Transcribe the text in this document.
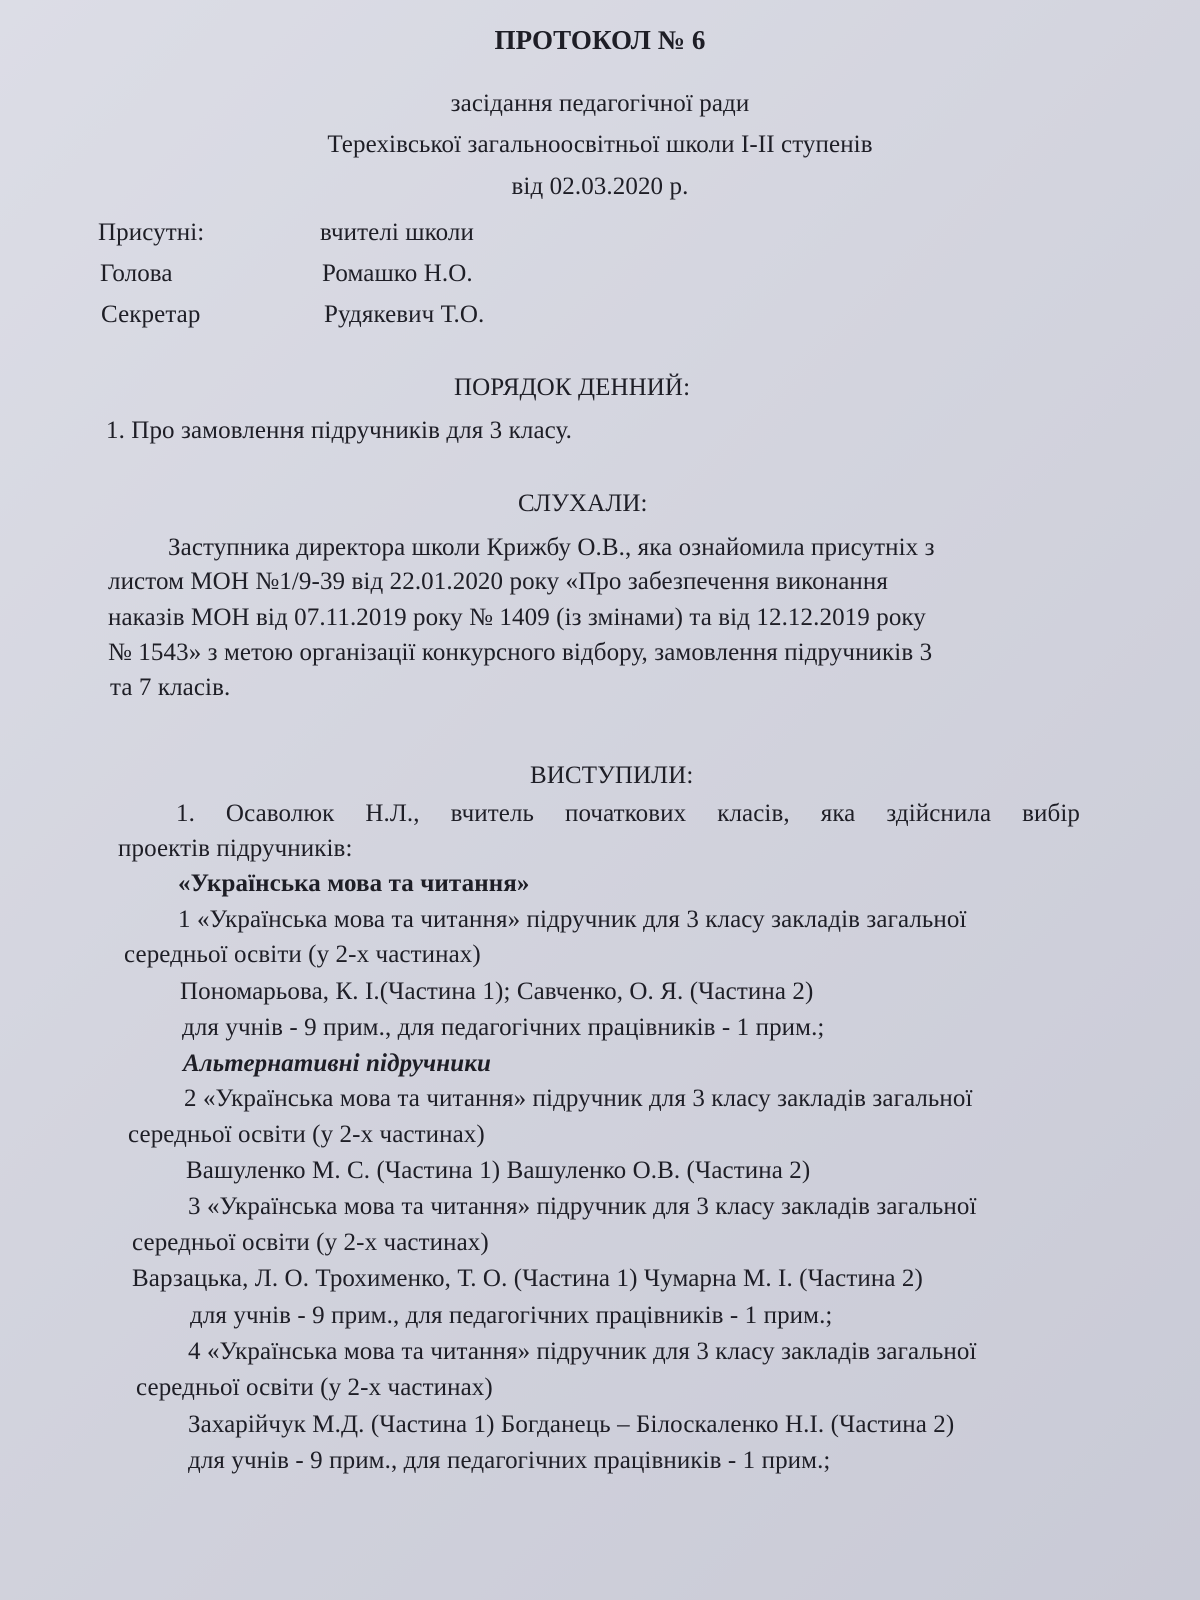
ПРОТОКОЛ № 6
засідання педагогічної ради
Терехівської загальноосвітньої школи І-ІІ ступенів
від 02.03.2020 р.
Присутні:	вчителі школи
Голова	Ромашко Н.О.
Секретар	Рудякевич Т.О.
ПОРЯДОК ДЕННИЙ:
1. Про замовлення підручників для 3 класу.
СЛУХАЛИ:
Заступника директора школи Крижбу О.В., яка ознайомила присутніх з
листом МОН №1/9-39 від 22.01.2020 року «Про забезпечення виконання
наказів МОН від 07.11.2019 року № 1409 (із змінами) та від 12.12.2019 року
№ 1543» з метою організації конкурсного відбору, замовлення підручників 3
та 7 класів.
ВИСТУПИЛИ:
1. Осаволюк Н.Л., вчитель початкових класів, яка здійснила вибір
проектів підручників:
«Українська мова та читання»
1 «Українська мова та читання» підручник для 3 класу закладів загальної
середньої освіти (у 2-х частинах)
Пономарьова, К. І.(Частина 1); Савченко, О. Я. (Частина 2)
для учнів - 9 прим., для педагогічних працівників - 1 прим.;
Альтернативні підручники
2 «Українська мова та читання» підручник для 3 класу закладів загальної
середньої освіти (у 2-х частинах)
Вашуленко М. С. (Частина 1) Вашуленко О.В. (Частина 2)
3 «Українська мова та читання» підручник для 3 класу закладів загальної
середньої освіти (у 2-х частинах)
Варзацька, Л. О. Трохименко, Т. О. (Частина 1) Чумарна М. І. (Частина 2)
для учнів - 9 прим., для педагогічних працівників - 1 прим.;
4 «Українська мова та читання» підручник для 3 класу закладів загальної
середньої освіти (у 2-х частинах)
Захарійчук М.Д. (Частина 1) Богданець – Білоскаленко Н.І. (Частина 2)
для учнів - 9 прим., для педагогічних працівників - 1 прим.;
